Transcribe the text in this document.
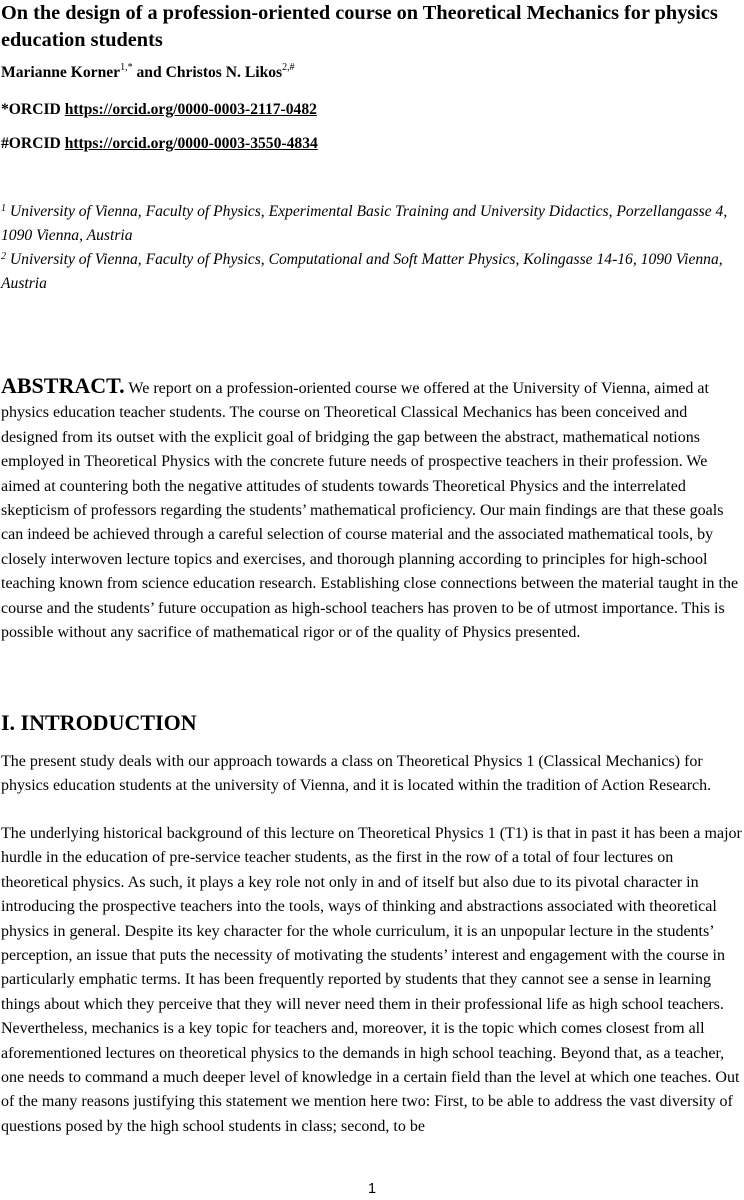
On the design of a profession-oriented course on Theoretical Mechanics for physics education students

Marianne Korner$^{1,*}$ and Christos N. Likos$^{2,\#}$

*ORCID https://orcid.org/0000-0003-2117-0482

#ORCID https://orcid.org/0000-0003-3550-4834

$^1$ University of Vienna, Faculty of Physics, Experimental Basic Training and University Didactics, Porzellangasse 4, 1090 Vienna, Austria

$^2$ University of Vienna, Faculty of Physics, Computational and Soft Matter Physics, Kolingasse 14-16, 1090 Vienna, Austria

ABSTRACT. We report on a profession-oriented course we offered at the University of Vienna, aimed at physics education teacher students. The course on Theoretical Classical Mechanics has been conceived and designed from its outset with the explicit goal of bridging the gap between the abstract, mathematical notions employed in Theoretical Physics with the concrete future needs of prospective teachers in their profession. We aimed at countering both the negative attitudes of students towards Theoretical Physics and the interrelated skepticism of professors regarding the students’ mathematical proficiency. Our main findings are that these goals can indeed be achieved through a careful selection of course material and the associated mathematical tools, by closely interwoven lecture topics and exercises, and thorough planning according to principles for high-school teaching known from science education research. Establishing close connections between the material taught in the course and the students’ future occupation as high-school teachers has proven to be of utmost importance. This is possible without any sacrifice of mathematical rigor or of the quality of Physics presented.

I. INTRODUCTION

The present study deals with our approach towards a class on Theoretical Physics 1 (Classical Mechanics) for physics education students at the university of Vienna, and it is located within the tradition of Action Research.

The underlying historical background of this lecture on Theoretical Physics 1 (T1) is that in past it has been a major hurdle in the education of pre-service teacher students, as the first in the row of a total of four lectures on theoretical physics. As such, it plays a key role not only in and of itself but also due to its pivotal character in introducing the prospective teachers into the tools, ways of thinking and abstractions associated with theoretical physics in general. Despite its key character for the whole curriculum, it is an unpopular lecture in the students’ perception, an issue that puts the necessity of motivating the students’ interest and engagement with the course in particularly emphatic terms. It has been frequently reported by students that they cannot see a sense in learning things about which they perceive that they will never need them in their professional life as high school teachers. Nevertheless, mechanics is a key topic for teachers and, moreover, it is the topic which comes closest from all aforementioned lectures on theoretical physics to the demands in high school teaching. Beyond that, as a teacher, one needs to command a much deeper level of knowledge in a certain field than the level at which one teaches. Out of the many reasons justifying this statement we mention here two: First, to be able to address the vast diversity of questions posed by the high school students in class; second, to be

1
